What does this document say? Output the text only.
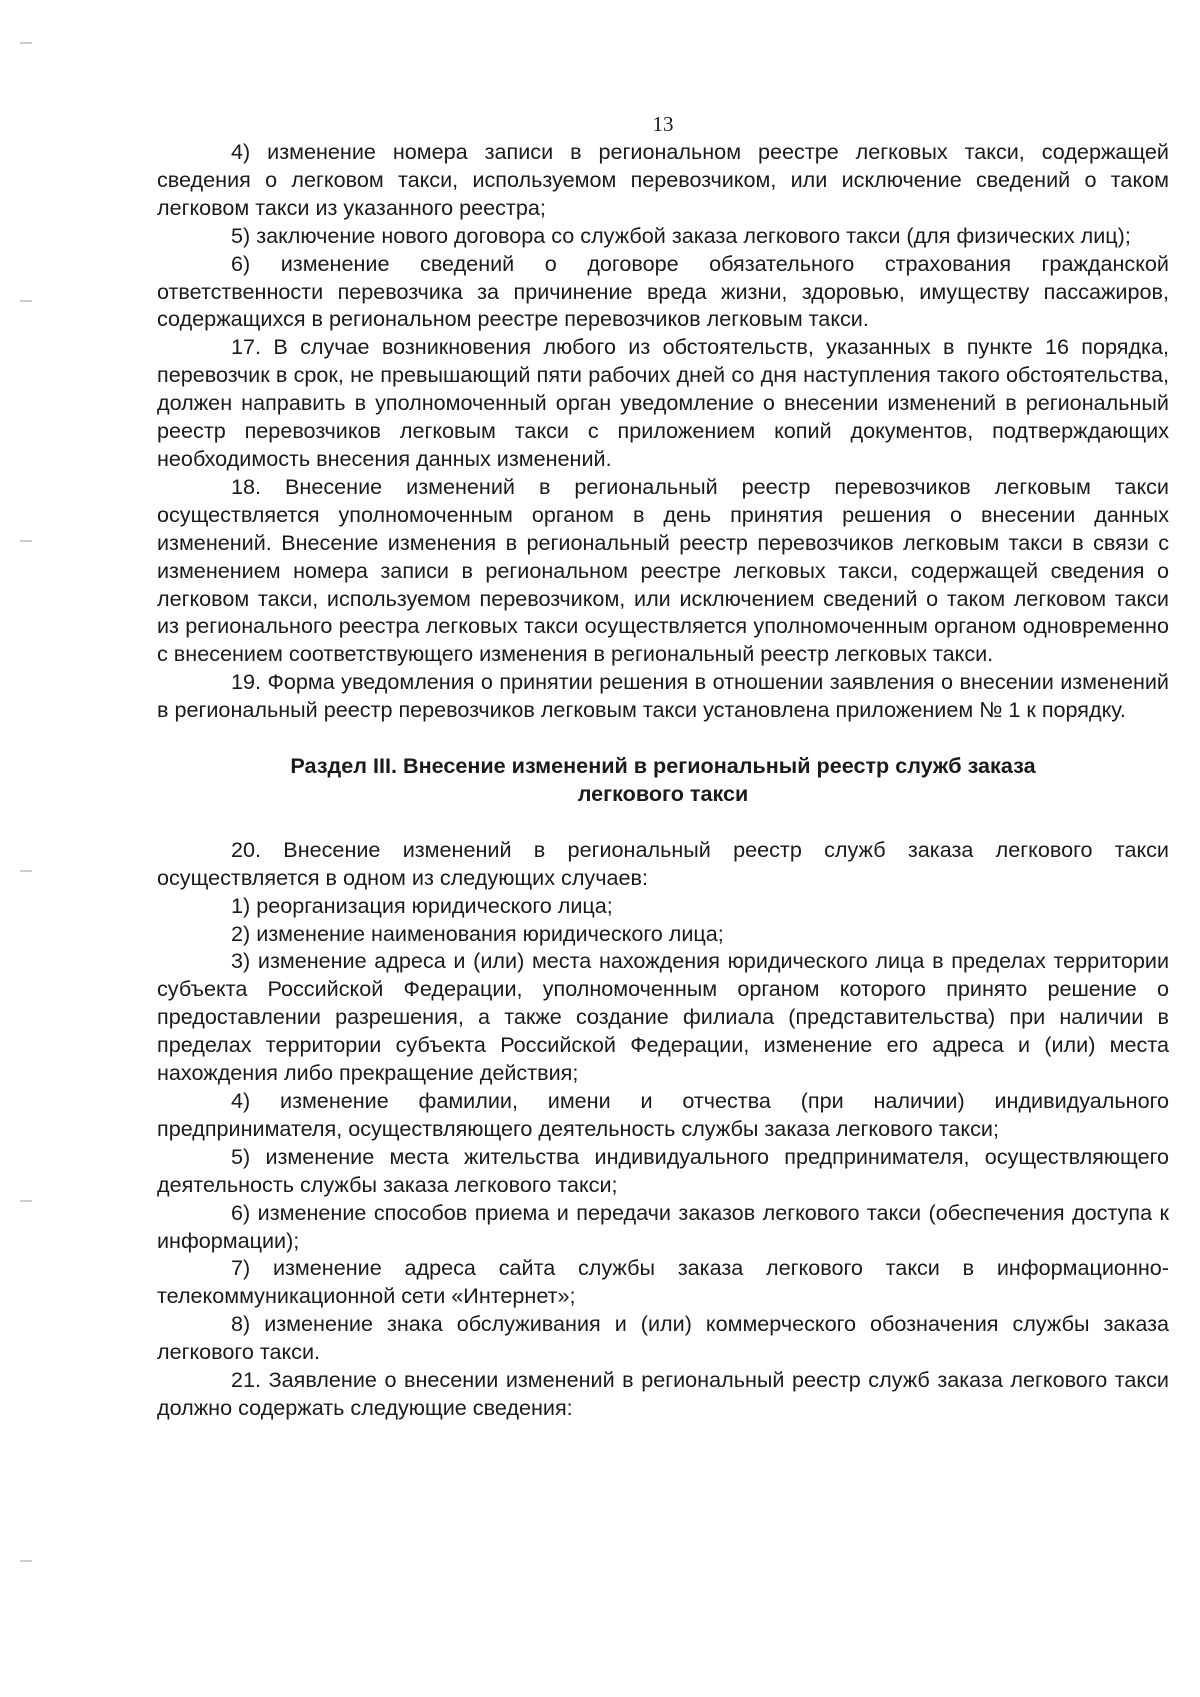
13

4) изменение номера записи в региональном реестре легковых такси, содержащей сведения о легковом такси, используемом перевозчиком, или исключение сведений о таком легковом такси из указанного реестра;

5) заключение нового договора со службой заказа легкового такси (для физических лиц);

6) изменение сведений о договоре обязательного страхования гражданской ответственности перевозчика за причинение вреда жизни, здоровью, имуществу пассажиров, содержащихся в региональном реестре перевозчиков легковым такси.

17. В случае возникновения любого из обстоятельств, указанных в пункте 16 порядка, перевозчик в срок, не превышающий пяти рабочих дней со дня наступления такого обстоятельства, должен направить в уполномоченный орган уведомление о внесении изменений в региональный реестр перевозчиков легковым такси с приложением копий документов, подтверждающих необходимость внесения данных изменений.

18. Внесение изменений в региональный реестр перевозчиков легковым такси осуществляется уполномоченным органом в день принятия решения о внесении данных изменений. Внесение изменения в региональный реестр перевозчиков легковым такси в связи с изменением номера записи в региональном реестре легковых такси, содержащей сведения о легковом такси, используемом перевозчиком, или исключением сведений о таком легковом такси из регионального реестра легковых такси осуществляется уполномоченным органом одновременно с внесением соответствующего изменения в региональный реестр легковых такси.

19. Форма уведомления о принятии решения в отношении заявления о внесении изменений в региональный реестр перевозчиков легковым такси установлена приложением № 1 к порядку.

Раздел III. Внесение изменений в региональный реестр служб заказа
легкового такси

20. Внесение изменений в региональный реестр служб заказа легкового такси осуществляется в одном из следующих случаев:

1) реорганизация юридического лица;

2) изменение наименования юридического лица;

3) изменение адреса и (или) места нахождения юридического лица в пределах территории субъекта Российской Федерации, уполномоченным органом которого принято решение о предоставлении разрешения, а также создание филиала (представительства) при наличии в пределах территории субъекта Российской Федерации, изменение его адреса и (или) места нахождения либо прекращение действия;

4) изменение фамилии, имени и отчества (при наличии) индивидуального предпринимателя, осуществляющего деятельность службы заказа легкового такси;

5) изменение места жительства индивидуального предпринимателя, осуществляющего деятельность службы заказа легкового такси;

6) изменение способов приема и передачи заказов легкового такси (обеспечения доступа к информации);

7) изменение адреса сайта службы заказа легкового такси в информационно-телекоммуникационной сети «Интернет»;

8) изменение знака обслуживания и (или) коммерческого обозначения службы заказа легкового такси.

21. Заявление о внесении изменений в региональный реестр служб заказа легкового такси должно содержать следующие сведения:
